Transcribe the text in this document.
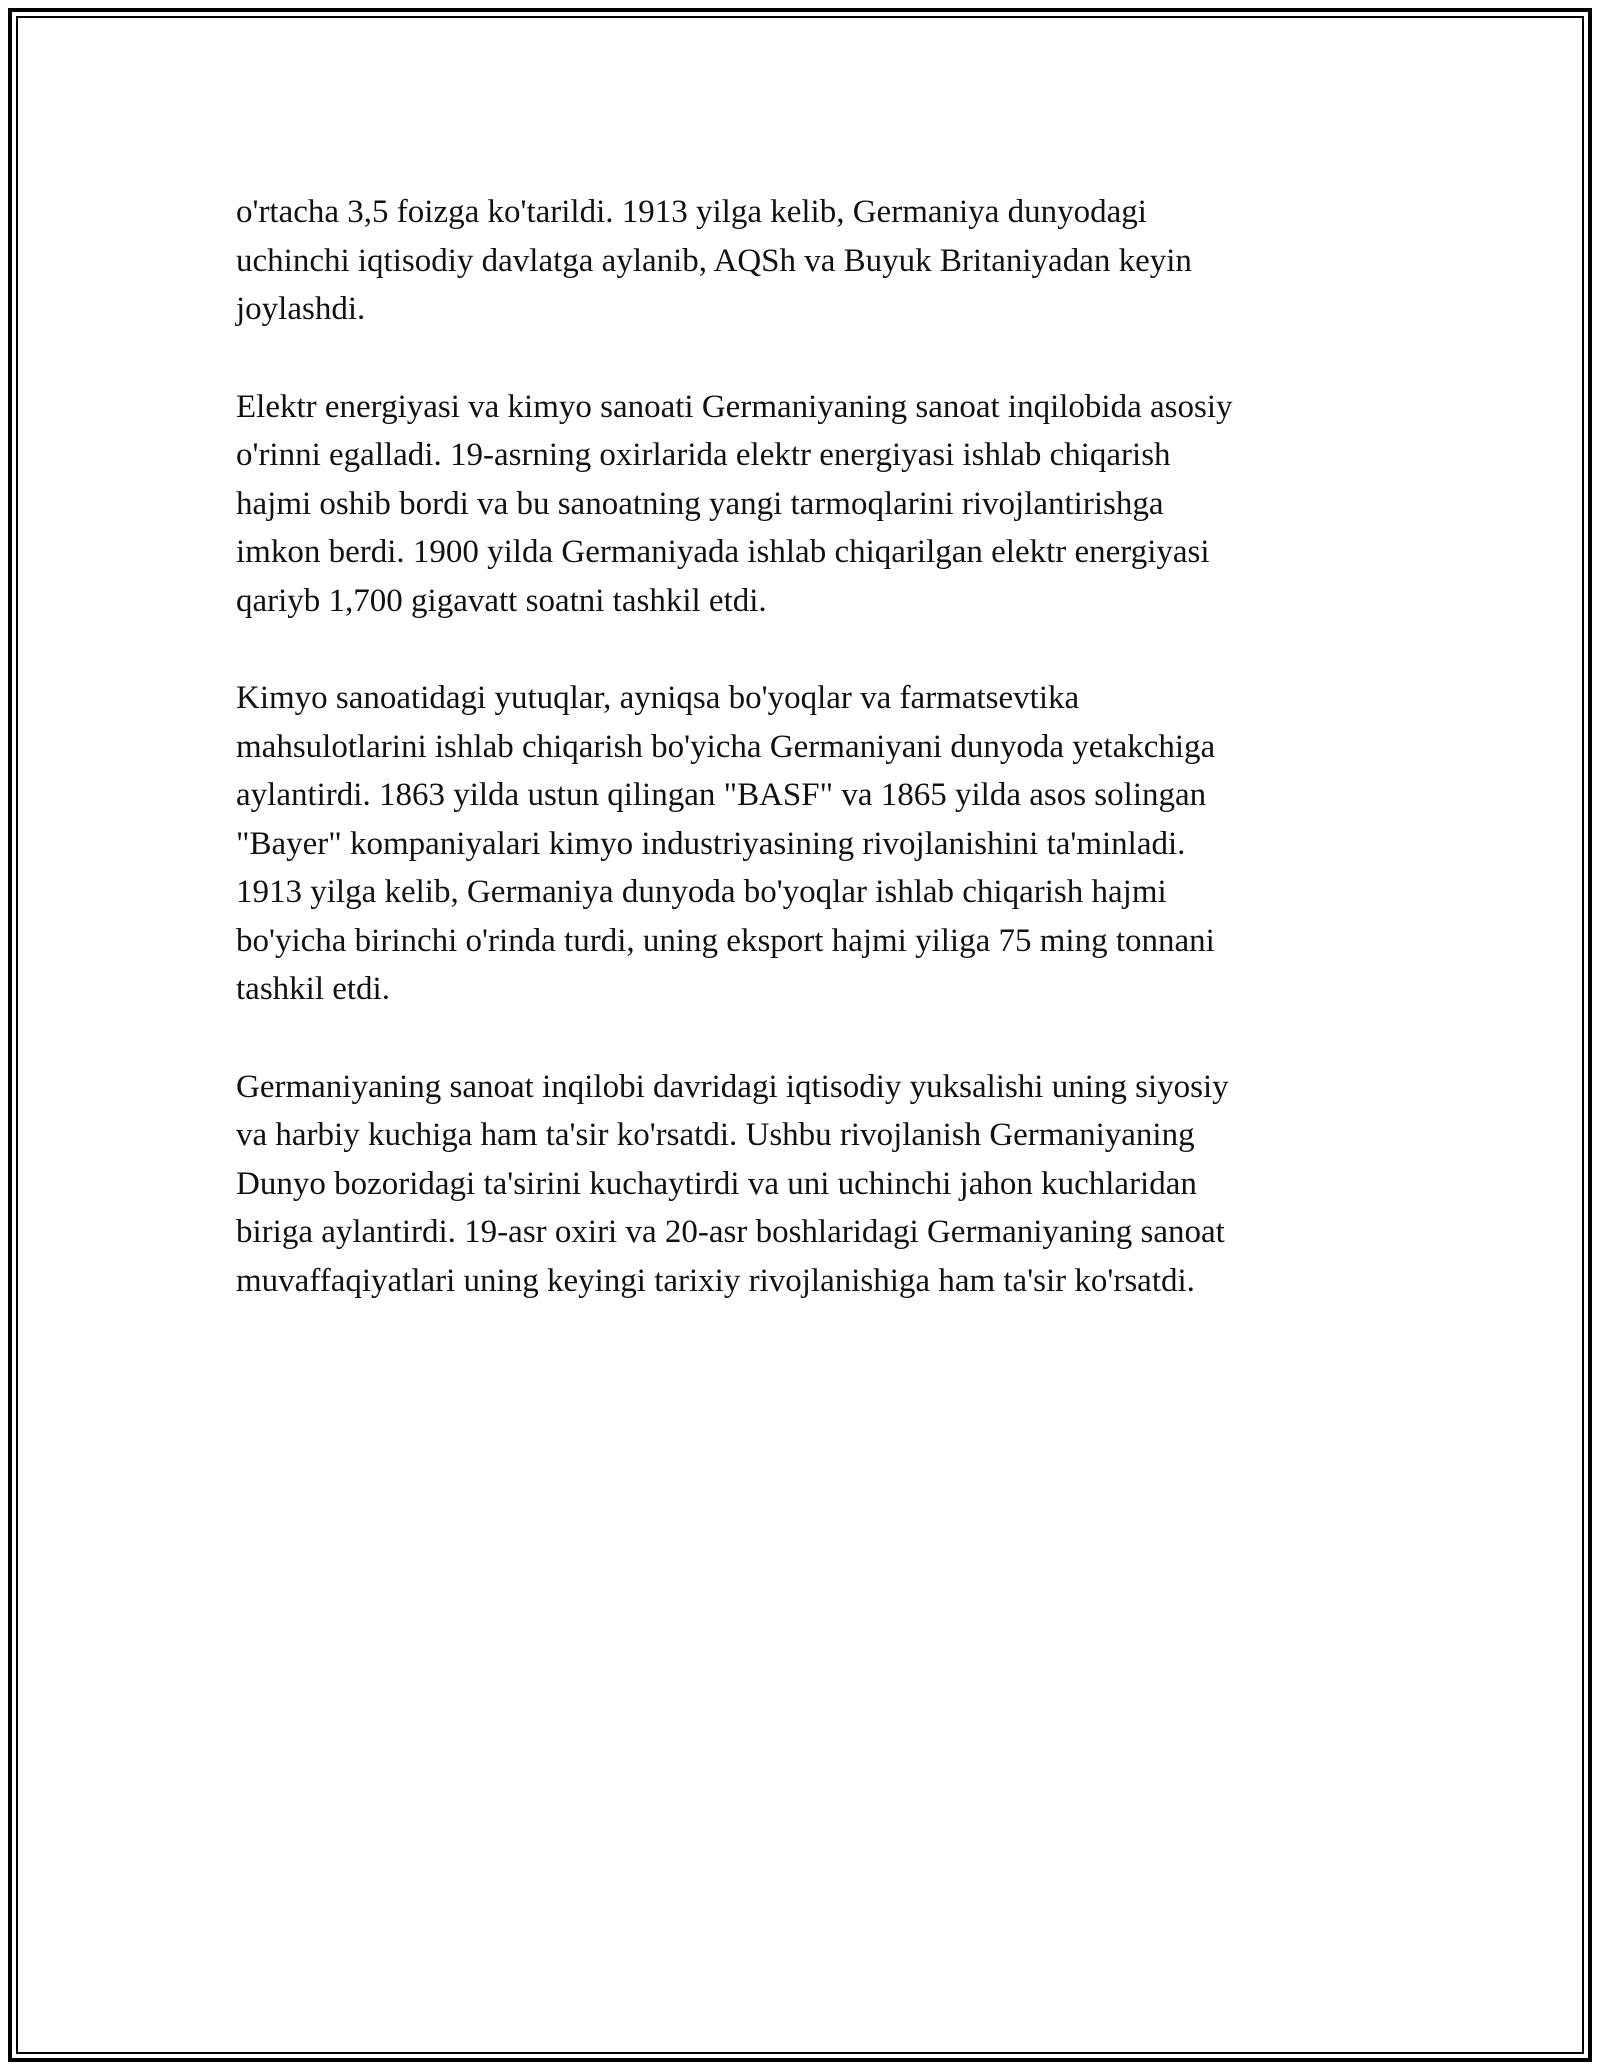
o'rtacha 3,5 foizga ko'tarildi. 1913 yilga kelib, Germaniya dunyodagi
uchinchi iqtisodiy davlatga aylanib, AQSh va Buyuk Britaniyadan keyin
joylashdi.

Elektr energiyasi va kimyo sanoati Germaniyaning sanoat inqilobida asosiy
o'rinni egalladi. 19-asrning oxirlarida elektr energiyasi ishlab chiqarish
hajmi oshib bordi va bu sanoatning yangi tarmoqlarini rivojlantirishga
imkon berdi. 1900 yilda Germaniyada ishlab chiqarilgan elektr energiyasi
qariyb 1,700 gigavatt soatni tashkil etdi.

Kimyo sanoatidagi yutuqlar, ayniqsa bo'yoqlar va farmatsevtika
mahsulotlarini ishlab chiqarish bo'yicha Germaniyani dunyoda yetakchiga
aylantirdi. 1863 yilda ustun qilingan "BASF" va 1865 yilda asos solingan
"Bayer" kompaniyalari kimyo industriyasining rivojlanishini ta'minladi.
1913 yilga kelib, Germaniya dunyoda bo'yoqlar ishlab chiqarish hajmi
bo'yicha birinchi o'rinda turdi, uning eksport hajmi yiliga 75 ming tonnani
tashkil etdi.

Germaniyaning sanoat inqilobi davridagi iqtisodiy yuksalishi uning siyosiy
va harbiy kuchiga ham ta'sir ko'rsatdi. Ushbu rivojlanish Germaniyaning
Dunyo bozoridagi ta'sirini kuchaytirdi va uni uchinchi jahon kuchlaridan
biriga aylantirdi. 19-asr oxiri va 20-asr boshlaridagi Germaniyaning sanoat
muvaffaqiyatlari uning keyingi tarixiy rivojlanishiga ham ta'sir ko'rsatdi.
